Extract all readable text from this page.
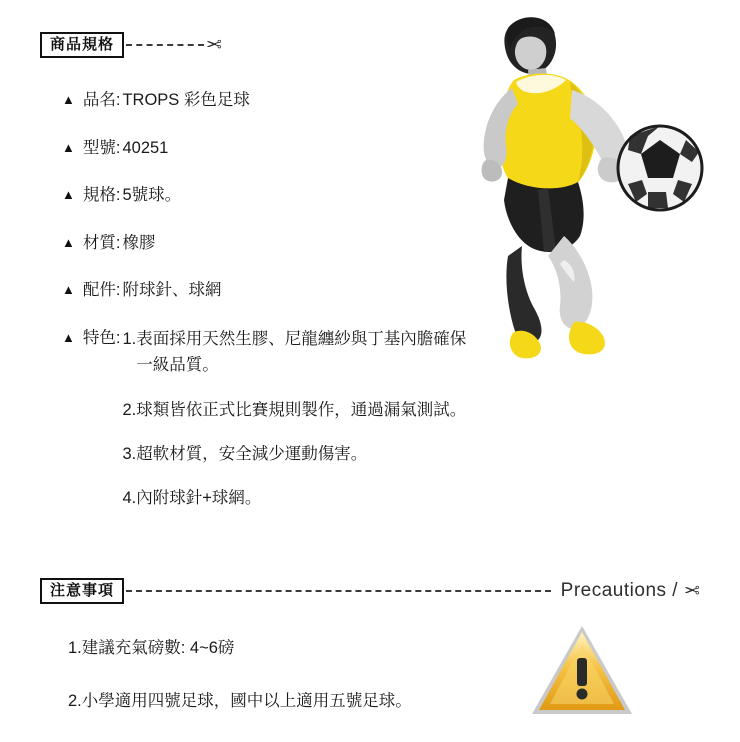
商品規格	✂
▲ 品名: TROPS 彩色足球
▲ 型號: 40251
▲ 規格: 5號球。
▲ 材質: 橡膠
▲ 配件: 附球針、球網
▲ 特色: 1. 表面採用天然生膠、尼龍纏紗與丁基內膽確保一級品質。
2. 球類皆依正式比賽規則製作，通過漏氣測試。
3. 超軟材質，安全減少運動傷害。
4. 內附球針+球網。
注意事項	Precautions / ✂
1.建議充氣磅數: 4~6磅
2.小學適用四號足球，國中以上適用五號足球。
